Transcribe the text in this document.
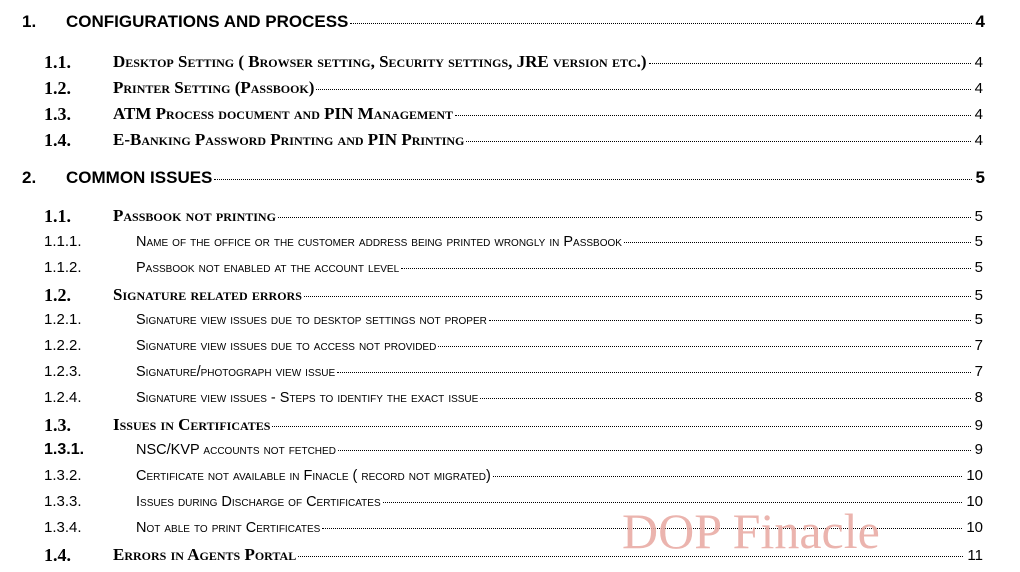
1. CONFIGURATIONS AND PROCESS	4
1.1. Desktop Setting ( Browser setting, Security settings, JRE version etc.)	4
1.2. Printer Setting (Passbook)	4
1.3. ATM Process document and PIN Management	4
1.4. E-Banking Password Printing and PIN Printing	4
2. COMMON ISSUES	5
1.1. Passbook not printing	5
1.1.1.	Name of the office or the customer address being printed wrongly in Passbook	5
1.1.2.	Passbook not enabled at the account level	5
1.2. Signature related errors	5
1.2.1.	Signature view issues due to desktop settings not proper	5
1.2.2.	Signature view issues due to access not provided	7
1.2.3.	Signature/photograph view issue	7
1.2.4.	Signature view issues - Steps to identify the exact issue	8
1.3. Issues in Certificates	9
1.3.1.	NSC/KVP accounts not fetched	9
1.3.2.	Certificate not available in Finacle ( record not migrated)	10
1.3.3.	Issues during Discharge of Certificates	10
1.3.4.	Not able to print Certificates	10
1.4. Errors in Agents Portal	11
DOP Finacle
